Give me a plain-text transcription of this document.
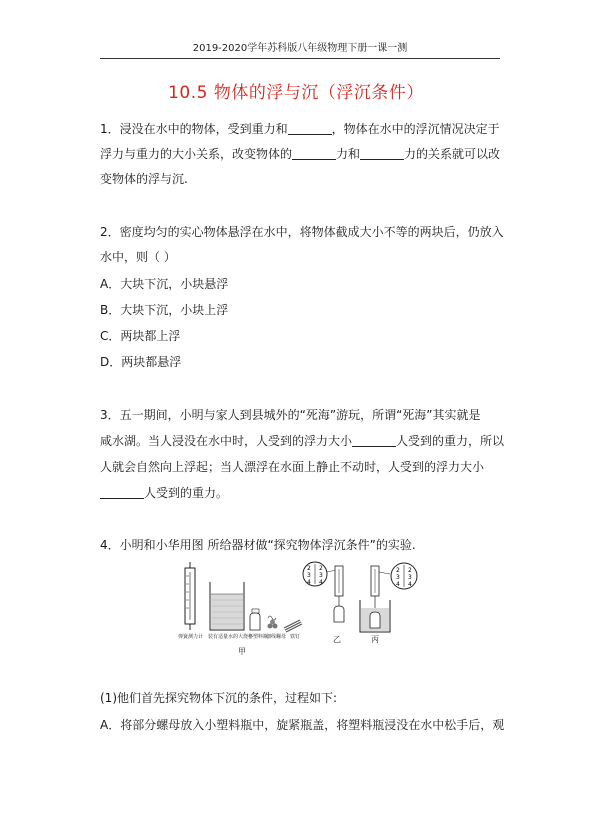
2019-2020学年苏科版八年级物理下册一课一测
10.5 物体的浮与沉（浮沉条件）
1．浸没在水中的物体，受到重力和	，物体在水中的浮沉情况决定于
浮力与重力的大小关系，改变物体的	力和	力的关系就可以改
变物体的浮与沉.
2．密度均匀的实心物体悬浮在水中，将物体截成大小不等的两块后，仍放入
水中，则（ ）
A．大块下沉，小块悬浮
B．大块下沉，小块上浮
C．两块都上浮
D．两块都悬浮
3．五一期间，小明与家人到县城外的“死海”游玩，所谓“死海”其实就是
咸水湖。当人浸没在水中时，人受到的浮力大小	人受到的重力，所以
人就会自然向上浮起；当人漂浮在水面上静止不动时，人受到的浮力大小
人受到的重力。
4．小明和小华用图 所给器材做“探究物体浮沉条件”的实验.
弹簧测力计 装有适量水的大烧杯
小塑料瓶
细线 螺母 铁钉
甲
2
3
4
2
3
4
乙
2
3
4
2
3
4
丙
(1)他们首先探究物体下沉的条件，过程如下:
A．将部分螺母放入小塑料瓶中，旋紧瓶盖，将塑料瓶浸没在水中松手后，观
